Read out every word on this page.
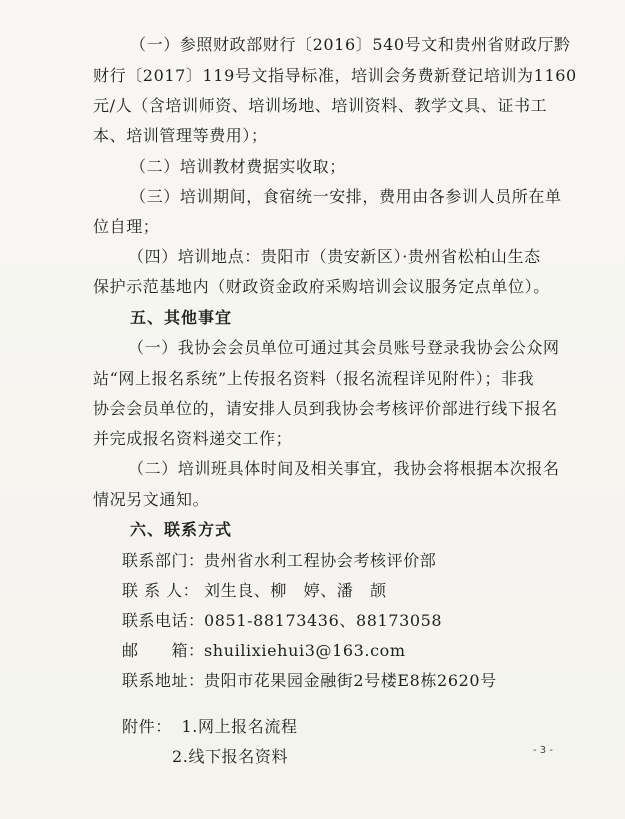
（一）参照财政部财行〔2016〕540号文和贵州省财政厅黔
财行〔2017〕119号文指导标准，培训会务费新登记培训为1160
元/人（含培训师资、培训场地、培训资料、教学文具、证书工
本、培训管理等费用）；
（二）培训教材费据实收取；
（三）培训期间，食宿统一安排，费用由各参训人员所在单
位自理；
（四）培训地点：贵阳市（贵安新区）·贵州省松柏山生态
保护示范基地内（财政资金政府采购培训会议服务定点单位）。
五、其他事宜
（一）我协会会员单位可通过其会员账号登录我协会公众网
站“网上报名系统”上传报名资料（报名流程详见附件）；非我
协会会员单位的，请安排人员到我协会考核评价部进行线下报名
并完成报名资料递交工作；
（二）培训班具体时间及相关事宜，我协会将根据本次报名
情况另文通知。
六、联系方式
联系部门：贵州省水利工程协会考核评价部
联 系 人： 刘生良、柳　婷、潘　颉
联系电话：0851-88173436、88173058
邮　　箱：shuilixiehui3@163.com
联系地址：贵阳市花果园金融街2号楼E8栋2620号
附件： 1.网上报名流程
2.线下报名资料	- 3 -
